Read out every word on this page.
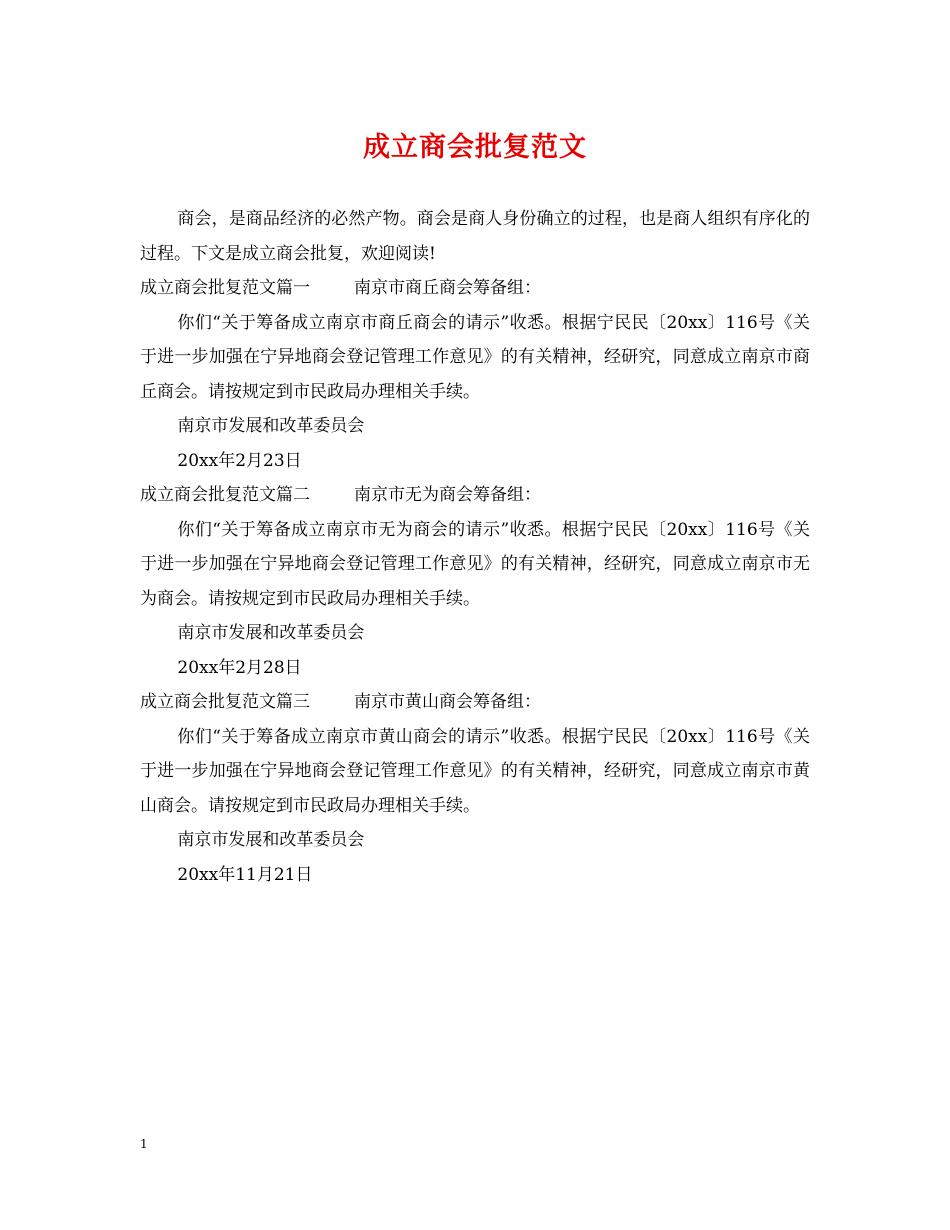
成立商会批复范文

商会，是商品经济的必然产物。商会是商人身份确立的过程，也是商人组织有序化的过程。下文是成立商会批复，欢迎阅读!

成立商会批复范文篇一	南京市商丘商会筹备组：

你们“关于筹备成立南京市商丘商会的请示”收悉。根据宁民民〔20xx〕116号《关于进一步加强在宁异地商会登记管理工作意见》的有关精神，经研究，同意成立南京市商丘商会。请按规定到市民政局办理相关手续。

南京市发展和改革委员会

20xx年2月23日

成立商会批复范文篇二	南京市无为商会筹备组：

你们“关于筹备成立南京市无为商会的请示”收悉。根据宁民民〔20xx〕116号《关于进一步加强在宁异地商会登记管理工作意见》的有关精神，经研究，同意成立南京市无为商会。请按规定到市民政局办理相关手续。

南京市发展和改革委员会

20xx年2月28日

成立商会批复范文篇三	南京市黄山商会筹备组：

你们“关于筹备成立南京市黄山商会的请示”收悉。根据宁民民〔20xx〕116号《关于进一步加强在宁异地商会登记管理工作意见》的有关精神，经研究，同意成立南京市黄山商会。请按规定到市民政局办理相关手续。

南京市发展和改革委员会

20xx年11月21日

1
